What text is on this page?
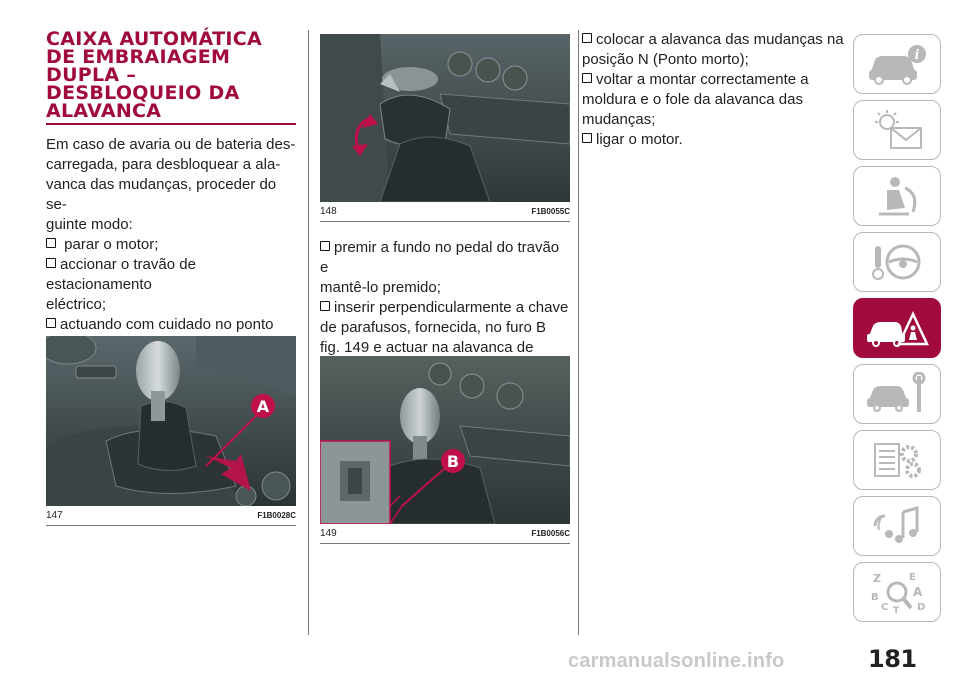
CAIXA AUTOMÁTICA
DE EMBRAIAGEM
DUPLA –
DESBLOQUEIO DA
ALAVANCA
Em caso de avaria ou de bateria des-
carregada, para desbloquear a ala-
vanca das mudanças, proceder do se-
guinte modo:
parar o motor;
accionar o travão de estacionamento
eléctrico;
actuando com cuidado no ponto
A
147	F1B0028C
148	F1B0055C
premir a fundo no pedal do travão e
mantê-lo premido;
inserir perpendicularmente a chave
de parafusos, fornecida, no furo B
fig. 149 e actuar na alavanca de
B
149	F1B0056C
colocar a alavanca das mudanças na
posição N (Ponto morto);
voltar a montar correctamente a
moldura e o fole da alavanca das
mudanças;
ligar o motor.
i
Z	E
B	A
C	D
T
carmanualsonline.info	181
